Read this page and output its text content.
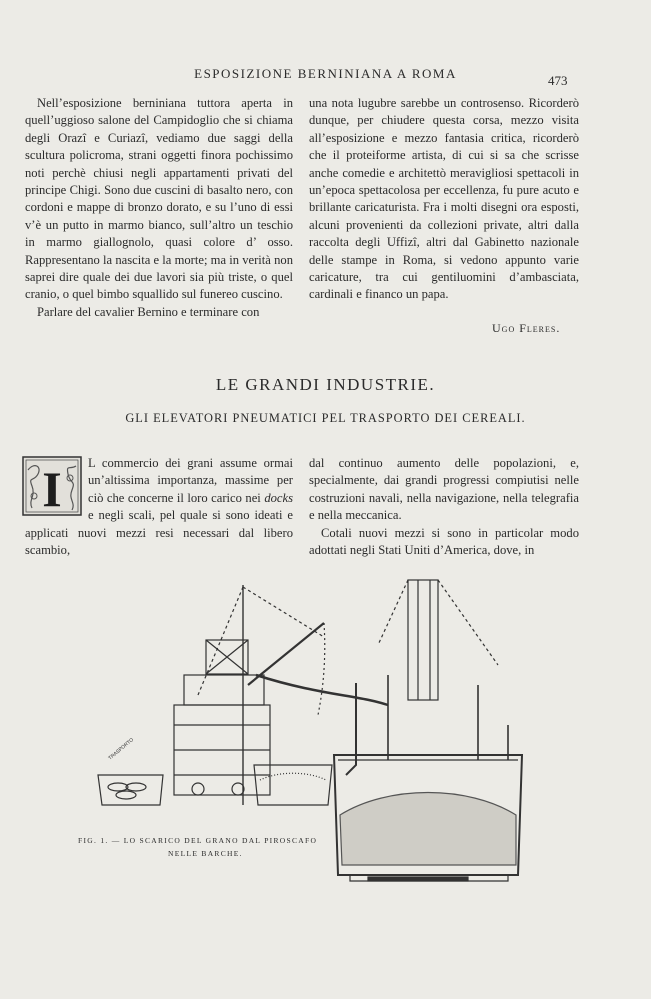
ESPOSIZIONE BERNINIANA A ROMA	473

Nell’esposizione berniniana tuttora aperta in quell’uggioso salone del Campidoglio che si chiama degli Orazî e Curiazî, vediamo due saggi della scultura policroma, strani oggetti finora pochissimo noti perchè chiusi negli appartamenti privati del principe Chigi. Sono due cuscini di basalto nero, con cordoni e mappe di bronzo dorato, e su l’uno di essi v’è un putto in marmo bianco, sull’altro un teschio in marmo giallognolo, quasi colore d’ osso. Rappresentano la nascita e la morte; ma in verità non saprei dire quale dei due lavori sia più triste, o quel cranio, o quel bimbo squallido sul funereo cuscino.

Parlare del cavalier Bernino e terminare con

una nota lugubre sarebbe un controsenso. Ricorderò dunque, per chiudere questa corsa, mezzo visita all’esposizione e mezzo fantasia critica, ricorderò che il proteiforme artista, di cui si sa che scrisse anche comedie e architettò meravigliosi spettacoli in un’epoca spettacolosa per eccellenza, fu pure acuto e brillante caricaturista. Fra i molti disegni ora esposti, alcuni provenienti da collezioni private, altri dalla raccolta degli Uffizî, altri dal Gabinetto nazionale delle stampe in Roma, si vedono appunto varie caricature, tra cui gentiluomini d’ambasciata, cardinali e financo un papa.

Ugo Fleres.
LE GRANDI INDUSTRIE.
GLI ELEVATORI PNEUMATICI PEL TRASPORTO DEI CEREALI.
I	L commercio dei grani assume ormai un’altissima importanza, massime per ciò che concerne il loro carico nei docks e negli scali, pel quale si sono ideati e applicati nuovi mezzi resi necessari dal libero scambio,

dal continuo aumento delle popolazioni, e, specialmente, dai grandi progressi compiutisi nelle costruzioni navali, nella navigazione, nella telegrafia e nella meccanica.

Cotali nuovi mezzi si sono in particolar modo adottati negli Stati Uniti d’America, dove, in

TRASPORTO
FIG. 1. — LO SCARICO DEL GRANO DAL PIROSCAFO
NELLE BARCHE.
